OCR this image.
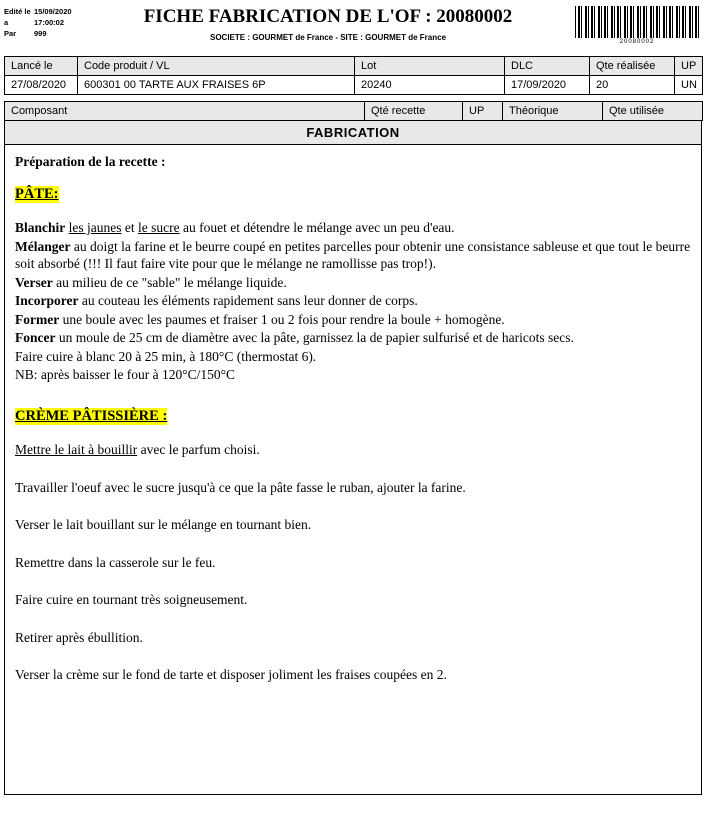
Edité le 15/09/2020
a	17:00:02
Par	999
FICHE FABRICATION DE L'OF : 20080002
SOCIETE : GOURMET de France - SITE : GOURMET de France	20080002
Lancé le	Code produit / VL	Lot	DLC	Qte réalisée	UP
27/08/2020	600301 00 TARTE AUX FRAISES 6P	20240	17/09/2020	20	UN
Composant	Qté recette	UP	Théorique	Qte utilisée
FABRICATION
Préparation de la recette :
PÂTE:
Blanchir les jaunes et le sucre au fouet et détendre le mélange avec un peu d'eau.
Mélanger au doigt la farine et le beurre coupé en petites parcelles pour obtenir une consistance sableuse et que tout le beurre soit absorbé (!!! Il faut faire vite pour que le mélange ne ramollisse pas trop!).
Verser au milieu de ce "sable" le mélange liquide.
Incorporer au couteau les éléments rapidement sans leur donner de corps.
Former une boule avec les paumes et fraiser 1 ou 2 fois pour rendre la boule + homogène.
Foncer un moule de 25 cm de diamètre avec la pâte, garnissez la de papier sulfurisé et de haricots secs.
Faire cuire à blanc 20 à 25 min, à 180°C (thermostat 6).
NB: après baisser le four à 120°C/150°C
CRÈME PÂTISSIÈRE :

Mettre le lait à bouillir avec le parfum choisi.

Travailler l'oeuf avec le sucre jusqu'à ce que la pâte fasse le ruban, ajouter la farine.

Verser le lait bouillant sur le mélange en tournant bien.

Remettre dans la casserole sur le feu.

Faire cuire en tournant très soigneusement.

Retirer après ébullition.

Verser la crème sur le fond de tarte et disposer joliment les fraises coupées en 2.
